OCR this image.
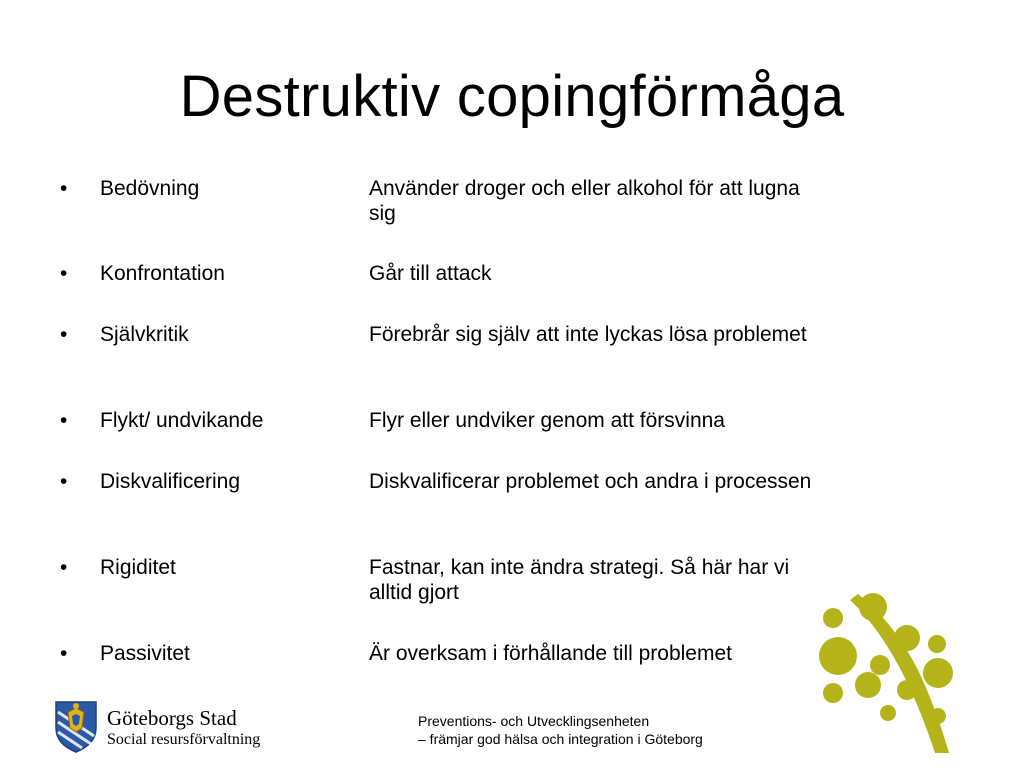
Destruktiv copingförmåga
• Bedövning	Använder droger och eller alkohol för att lugna sig
• Konfrontation	Går till attack
• Självkritik	Förebrår sig själv att inte lyckas lösa problemet
• Flykt/ undvikande	Flyr eller undviker genom att försvinna
• Diskvalificering	Diskvalificerar problemet och andra i processen
• Rigiditet	Fastnar, kan inte ändra strategi. Så här har vi alltid gjort
• Passivitet	Är overksam i förhållande till problemet
Göteborgs Stad
Social resursförvaltning
Preventions- och Utvecklingsenheten
– främjar god hälsa och integration i Göteborg
